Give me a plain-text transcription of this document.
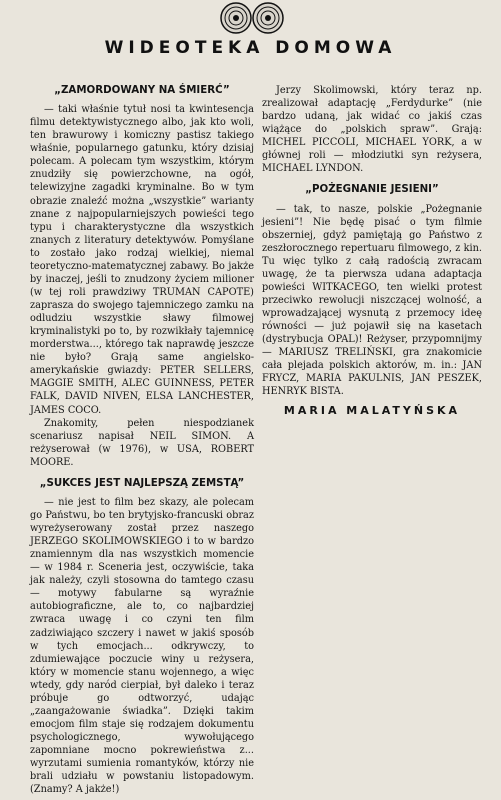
WIDEOTEKA DOMOWA
„ZAMORDOWANY NA ŚMIERĆ”

— taki właśnie tytuł nosi ta kwintesencja filmu detektywistycznego albo, jak kto woli, ten brawurowy i komiczny pastisz takiego właśnie, popularnego gatunku, który dzisiaj polecam. A polecam tym wszystkim, którym znudziły się powierzchowne, na ogół, telewizyjne zagadki kryminalne. Bo w tym obrazie znaleźć można „wszystkie” warianty znane z najpopularniejszych powieści tego typu i charakterystyczne dla wszystkich znanych z literatury detektywów. Pomyślane to zostało jako rodzaj wielkiej, niemal teoretyczno-matematycznej zabawy. Bo jakże by inaczej, jeśli to znudzony życiem milioner (w tej roli prawdziwy TRUMAN CAPOTE) zaprasza do swojego tajemniczego zamku na odludziu wszystkie sławy filmowej kryminalistyki po to, by rozwikłały tajemnicę morderstwa..., którego tak naprawdę jeszcze nie było? Grają same angielsko-amerykańskie gwiazdy: PETER SELLERS, MAGGIE SMITH, ALEC GUINNESS, PETER FALK, DAVID NIVEN, ELSA LANCHESTER, JAMES COCO.

Znakomity, pełen niespodzianek scenariusz napisał NEIL SIMON. A reżyserował (w 1976), w USA, ROBERT MOORE.

„SUKCES JEST NAJLEPSZĄ ZEMSTĄ”

— nie jest to film bez skazy, ale polecam go Państwu, bo ten brytyjsko-francuski obraz wyreżyserowany został przez naszego JERZEGO SKOLIMOWSKIEGO i to w bardzo znamiennym dla nas wszystkich momencie — w 1984 r. Sceneria jest, oczywiście, taka jak należy, czyli stosowna do tamtego czasu — motywy fabularne są wyraźnie autobiograficzne, ale to, co najbardziej zwraca uwagę i co czyni ten film zadziwiająco szczery i nawet w jakiś sposób w tych emocjach... odkrywczy, to zdumiewające poczucie winy u reżysera, który w momencie stanu wojennego, a więc wtedy, gdy naród cierpiał, był daleko i teraz próbuje go odtworzyć, udając „zaangażowanie świadka”. Dzięki takim emocjom film staje się rodzajem dokumentu psychologicznego, wywołującego zapomniane mocno pokrewieństwa z... wyrzutami sumienia romantyków, którzy nie brali udziału w powstaniu listopadowym. (Znamy? A jakże!)

Jerzy Skolimowski, który teraz np. zrealizował adaptację „Ferdydurke” (nie bardzo udaną, jak widać co jakiś czas wiążące do „polskich spraw”. Grają: MICHEL PICCOLI, MICHAEL YORK, a w głównej roli — młodziutki syn reżysera, MICHAEL LYNDON.

„POŻEGNANIE JESIENI”

— tak, to nasze, polskie „Pożegnanie jesieni”! Nie będę pisać o tym filmie obszerniej, gdyż pamiętają go Państwo z zeszłorocznego repertuaru filmowego, z kin. Tu więc tylko z całą radością zwracam uwagę, że ta pierwsza udana adaptacja powieści WITKACEGO, ten wielki protest przeciwko rewolucji niszczącej wolność, a wprowadzającej wysnutą z przemocy ideę równości — już pojawił się na kasetach (dystrybucja OPAL)! Reżyser, przypomnijmy — MARIUSZ TRELIŃSKI, gra znakomicie cała plejada polskich aktorów, m. in.: JAN FRYCZ, MARIA PAKULNIS, JAN PESZEK, HENRYK BISTA.

MARIA MALATYŃSKA
